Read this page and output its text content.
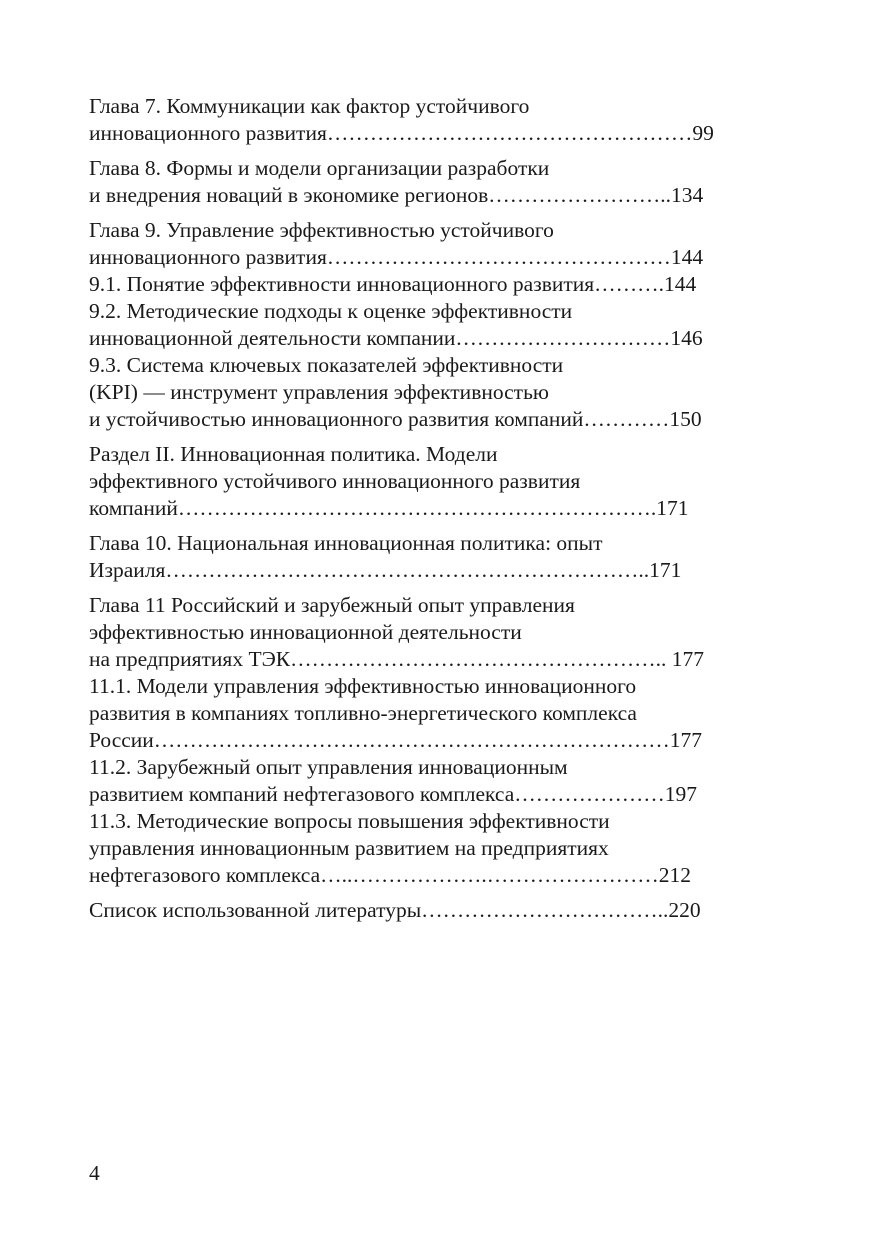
Глава 7. Коммуникации как фактор устойчивого
инновационного развития……………………………………………99
Глава 8. Формы и модели организации разработки
и внедрения новаций в экономике регионов……………………..134
Глава 9. Управление эффективностью устойчивого
инновационного развития…………………………………………144
9.1. Понятие эффективности инновационного развития……….144
9.2. Методические подходы к оценке эффективности
инновационной деятельности компании…………………………146
9.3. Система ключевых показателей эффективности
(KPI) — инструмент управления эффективностью
и устойчивостью инновационного развития компаний…………150
Раздел II. Инновационная политика. Модели
эффективного устойчивого инновационного развития
компаний………………………………………………………….171
Глава 10. Национальная инновационная политика: опыт
Израиля…………………………………………………………..171
Глава 11 Российский и зарубежный опыт управления
эффективностью инновационной деятельности
на предприятиях ТЭК…………………………………………….. 177
11.1. Модели управления эффективностью инновационного
развития в компаниях топливно-энергетического комплекса
России………………………………………………………………177
11.2. Зарубежный опыт управления инновационным
развитием компаний нефтегазового комплекса…………………197
11.3. Методические вопросы повышения эффективности
управления инновационным развитием на предприятиях
нефтегазового комплекса…..……………….……………………212
Список использованной литературы……………………………..220
4
